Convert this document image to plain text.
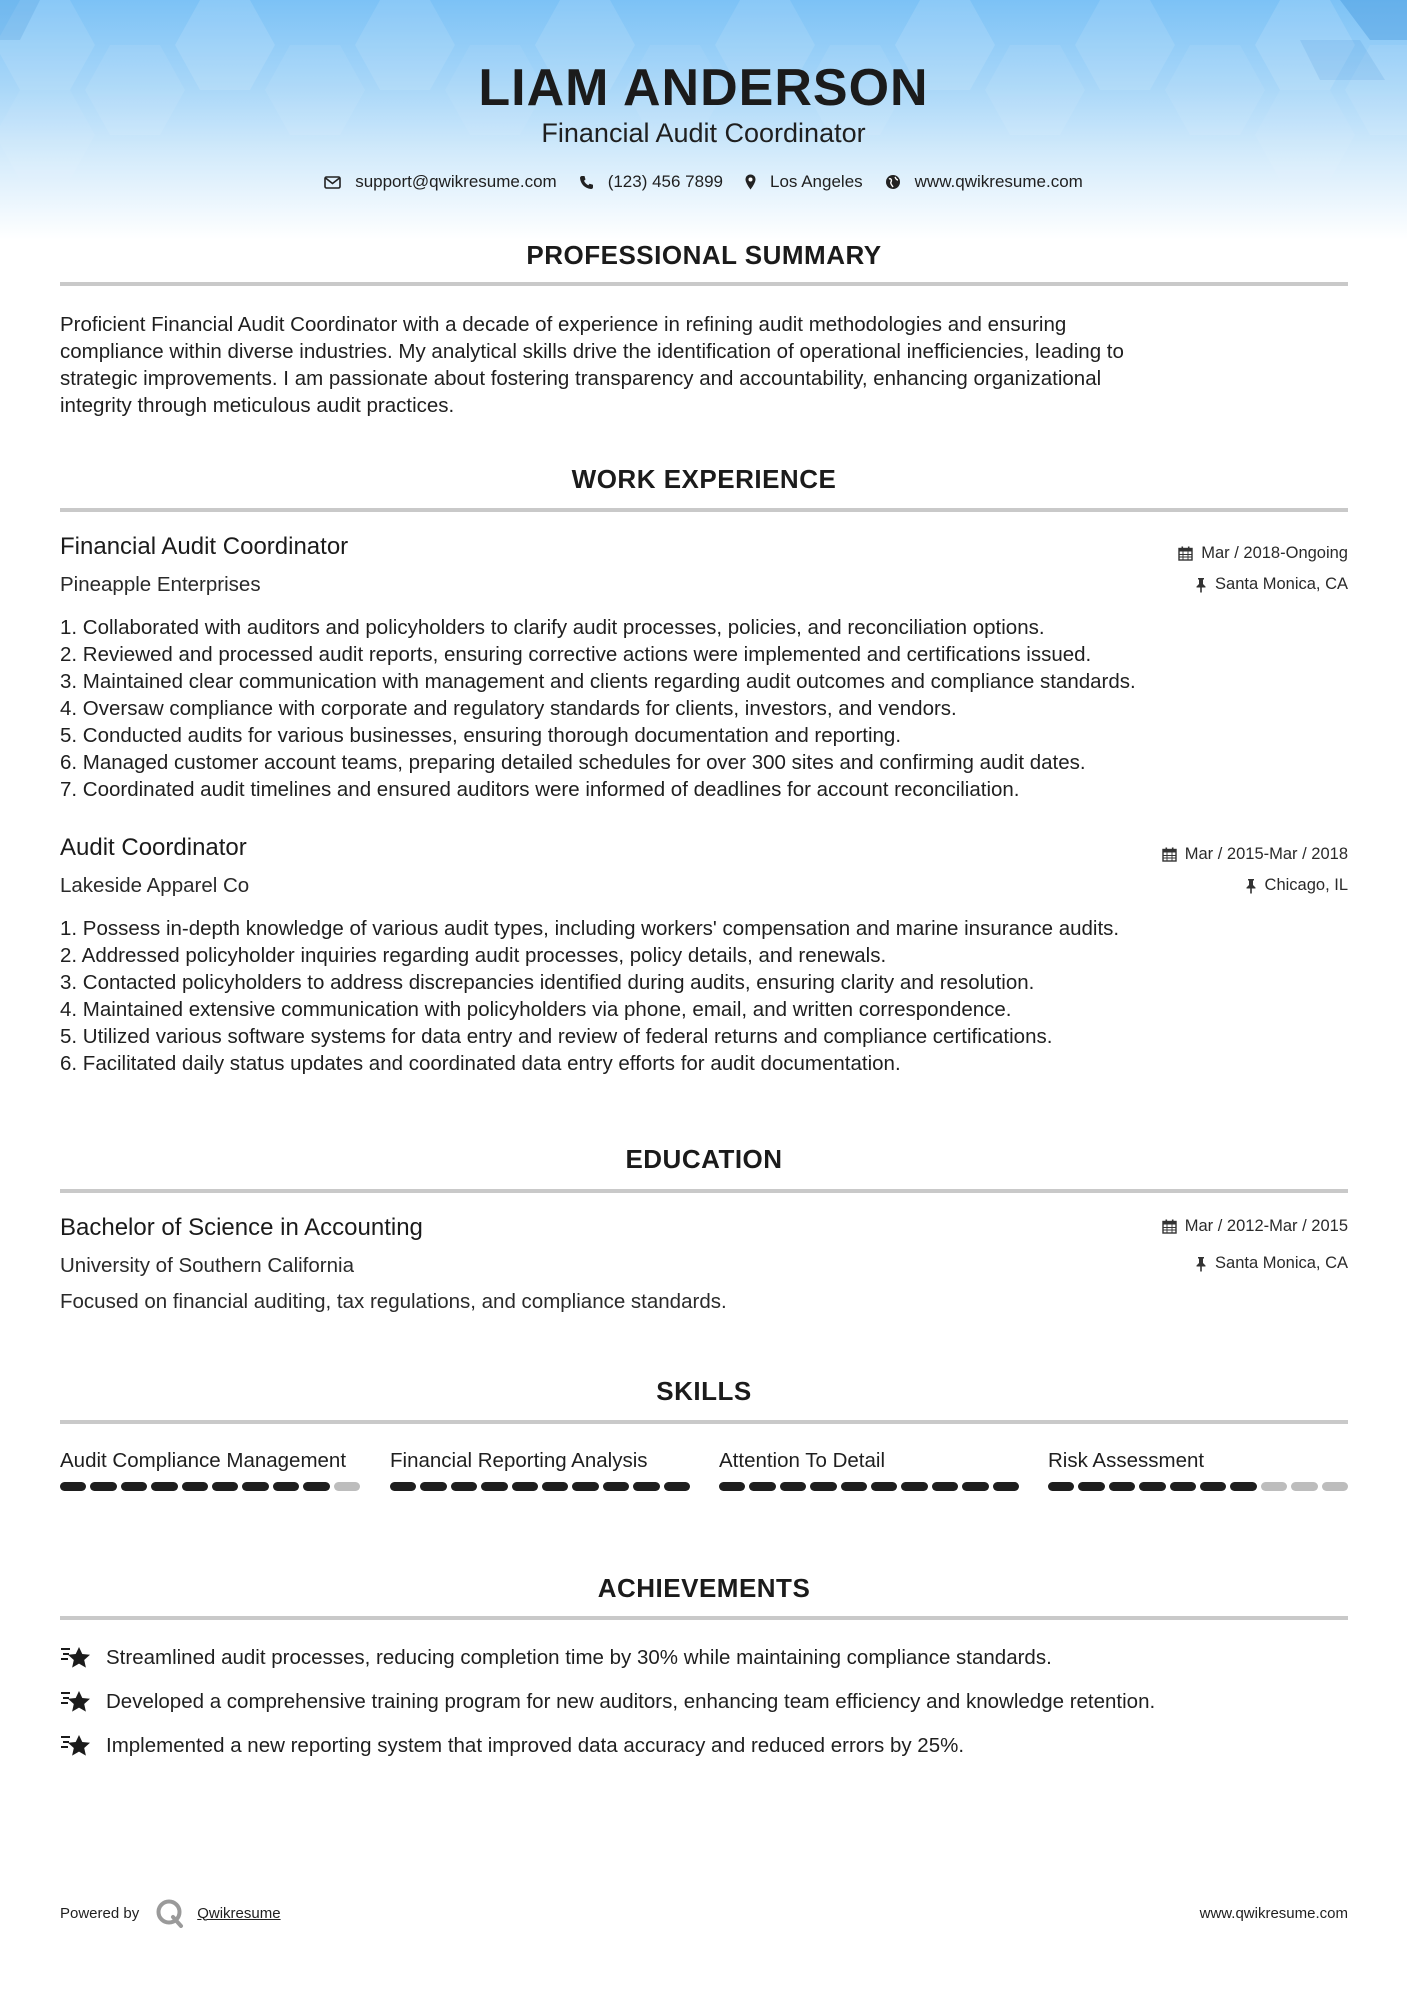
LIAM ANDERSON
Financial Audit Coordinator
support@qwikresume.com	(123) 456 7899	Los Angeles	www.qwikresume.com
PROFESSIONAL SUMMARY
Proficient Financial Audit Coordinator with a decade of experience in refining audit methodologies and ensuring
compliance within diverse industries. My analytical skills drive the identification of operational inefficiencies, leading to
strategic improvements. I am passionate about fostering transparency and accountability, enhancing organizational
integrity through meticulous audit practices.
WORK EXPERIENCE
Financial Audit Coordinator	Mar / 2018-Ongoing
Pineapple Enterprises	Santa Monica, CA
1. Collaborated with auditors and policyholders to clarify audit processes, policies, and reconciliation options.
2. Reviewed and processed audit reports, ensuring corrective actions were implemented and certifications issued.
3. Maintained clear communication with management and clients regarding audit outcomes and compliance standards.
4. Oversaw compliance with corporate and regulatory standards for clients, investors, and vendors.
5. Conducted audits for various businesses, ensuring thorough documentation and reporting.
6. Managed customer account teams, preparing detailed schedules for over 300 sites and confirming audit dates.
7. Coordinated audit timelines and ensured auditors were informed of deadlines for account reconciliation.
Audit Coordinator	Mar / 2015-Mar / 2018
Lakeside Apparel Co	Chicago, IL
1. Possess in-depth knowledge of various audit types, including workers' compensation and marine insurance audits.
2. Addressed policyholder inquiries regarding audit processes, policy details, and renewals.
3. Contacted policyholders to address discrepancies identified during audits, ensuring clarity and resolution.
4. Maintained extensive communication with policyholders via phone, email, and written correspondence.
5. Utilized various software systems for data entry and review of federal returns and compliance certifications.
6. Facilitated daily status updates and coordinated data entry efforts for audit documentation.
EDUCATION
Bachelor of Science in Accounting	Mar / 2012-Mar / 2015
University of Southern California	Santa Monica, CA
Focused on financial auditing, tax regulations, and compliance standards.
SKILLS
Audit Compliance Management	Financial Reporting Analysis	Attention To Detail	Risk Assessment
ACHIEVEMENTS
Streamlined audit processes, reducing completion time by 30% while maintaining compliance standards.
Developed a comprehensive training program for new auditors, enhancing team efficiency and knowledge retention.
Implemented a new reporting system that improved data accuracy and reduced errors by 25%.
Powered by	Qwikresume	www.qwikresume.com
